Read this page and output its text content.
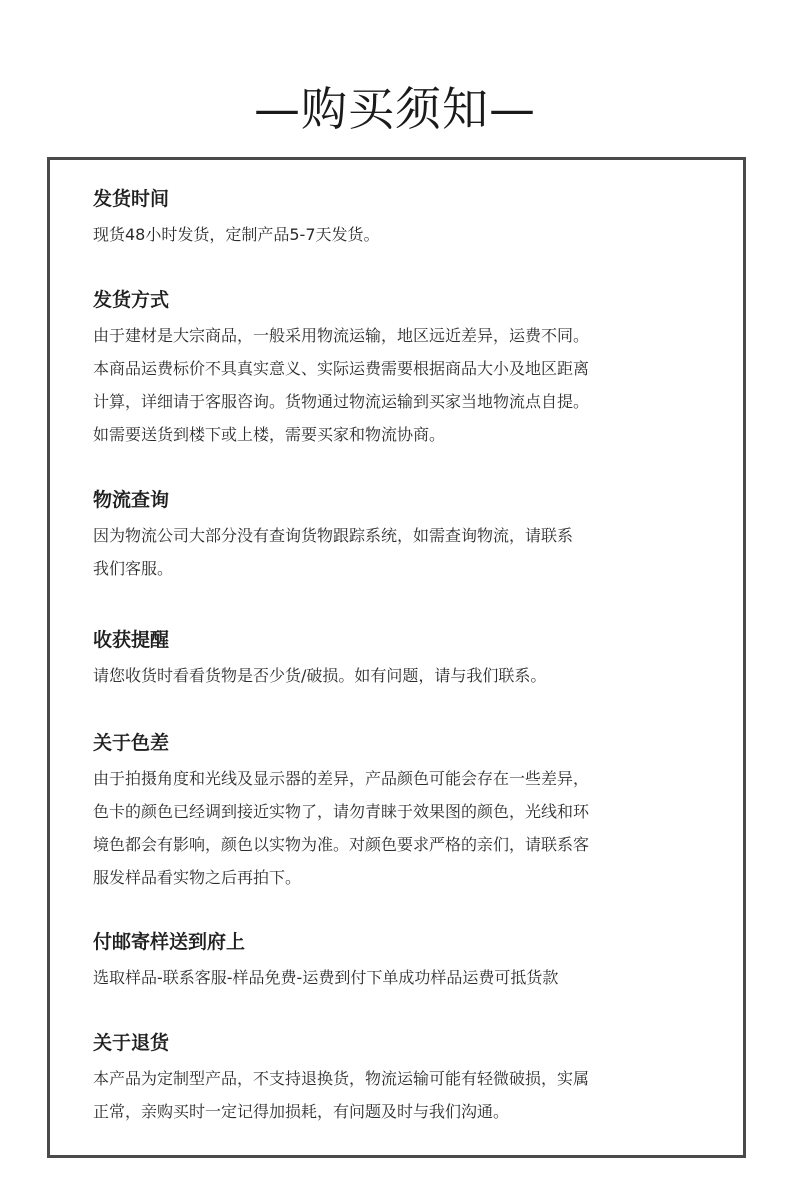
—购买须知—
发货时间

现货48小时发货，定制产品5-7天发货。

发货方式

由于建材是大宗商品，一般采用物流运输，地区远近差异，运费不同。
本商品运费标价不具真实意义、实际运费需要根据商品大小及地区距离
计算，详细请于客服咨询。货物通过物流运输到买家当地物流点自提。
如需要送货到楼下或上楼，需要买家和物流协商。

物流查询

因为物流公司大部分没有查询货物跟踪系统，如需查询物流，请联系
我们客服。

收获提醒

请您收货时看看货物是否少货/破损。如有问题，请与我们联系。

关于色差

由于拍摄角度和光线及显示器的差异，产品颜色可能会存在一些差异，
色卡的颜色已经调到接近实物了，请勿青睐于效果图的颜色，光线和环
境色都会有影响，颜色以实物为准。对颜色要求严格的亲们，请联系客
服发样品看实物之后再拍下。

付邮寄样送到府上

选取样品-联系客服-样品免费-运费到付下单成功样品运费可抵货款

关于退货

本产品为定制型产品，不支持退换货，物流运输可能有轻微破损，实属
正常，亲购买时一定记得加损耗，有问题及时与我们沟通。
